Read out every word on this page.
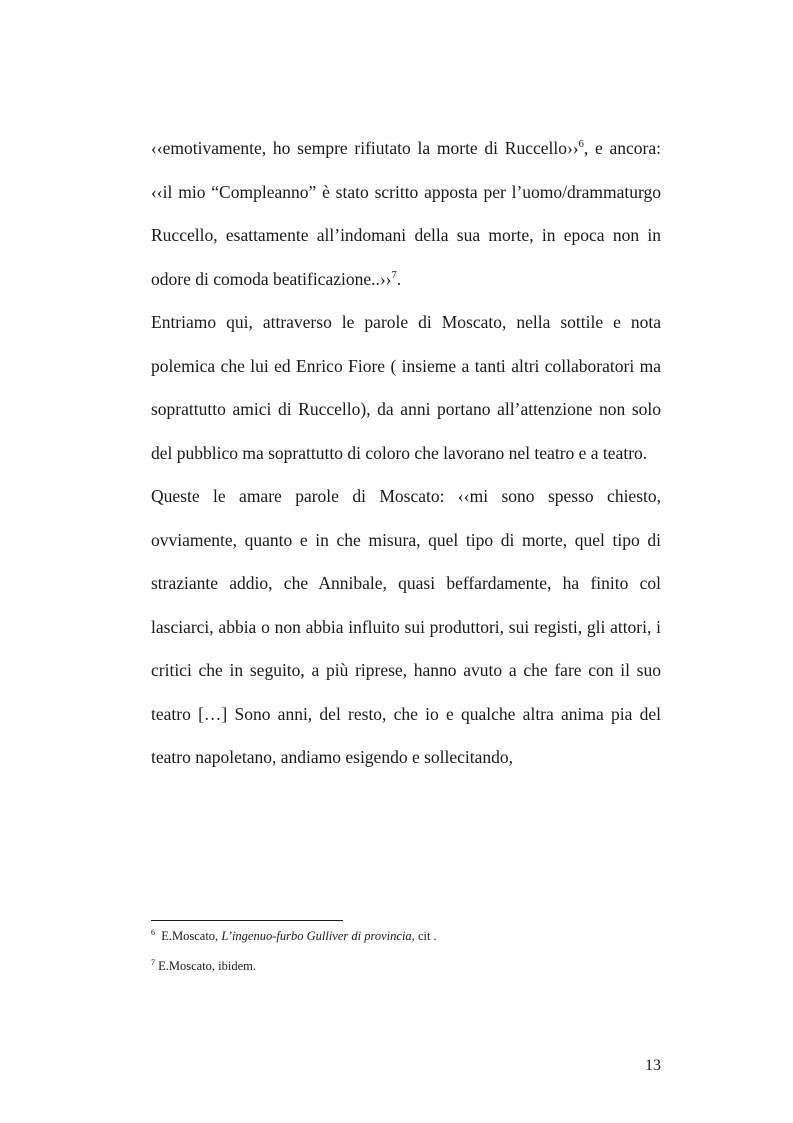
‹‹emotivamente, ho sempre rifiutato la morte di Ruccello››$^6$, e ancora: ‹‹il mio “Compleanno” è stato scritto apposta per l’uomo/drammaturgo Ruccello, esattamente all’indomani della sua morte, in epoca non in odore di comoda beatificazione..››$^7$.

Entriamo qui, attraverso le parole di Moscato, nella sottile e nota polemica che lui ed Enrico Fiore ( insieme a tanti altri collaboratori ma soprattutto amici di Ruccello), da anni portano all’attenzione non solo del pubblico ma soprattutto di coloro che lavorano nel teatro e a teatro.

Queste le amare parole di Moscato: ‹‹mi sono spesso chiesto, ovviamente, quanto e in che misura, quel tipo di morte, quel tipo di straziante addio, che Annibale, quasi beffardamente, ha finito col lasciarci, abbia o non abbia influito sui produttori, sui registi, gli attori, i critici che in seguito, a più riprese, hanno avuto a che fare con il suo teatro […] Sono anni, del resto, che io e qualche altra anima pia del teatro napoletano, andiamo esigendo e sollecitando,

$^6$ E.Moscato, L’ingenuo-furbo Gulliver di provincia, cit .

$^7$ E.Moscato, ibidem.

13
